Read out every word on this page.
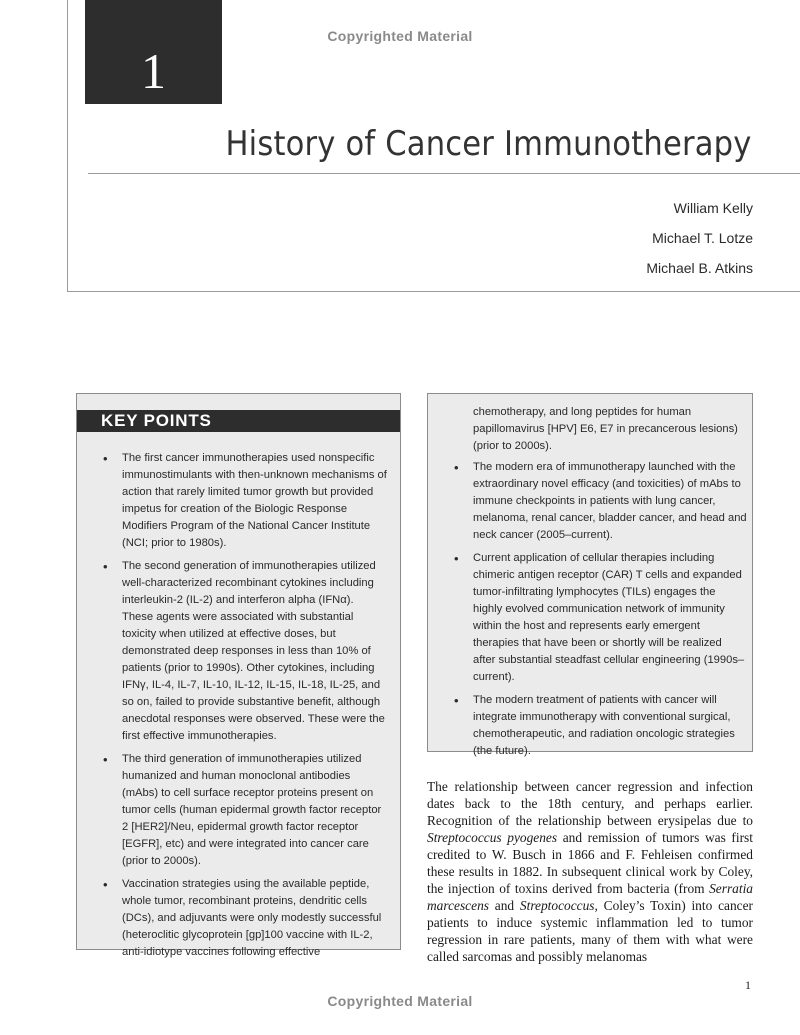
1
Copyrighted Material
History of Cancer Immunotherapy
William Kelly
Michael T. Lotze
Michael B. Atkins
KEY POINTS
• The first cancer immunotherapies used nonspecific immunostimulants with then-unknown mechanisms of action that rarely limited tumor growth but provided impetus for creation of the Biologic Response Modifiers Program of the National Cancer Institute (NCI; prior to 1980s).
• The second generation of immunotherapies utilized well-characterized recombinant cytokines including interleukin-2 (IL-2) and interferon alpha (IFNα). These agents were associated with substantial toxicity when utilized at effective doses, but demonstrated deep responses in less than 10% of patients (prior to 1990s). Other cytokines, including IFNγ, IL-4, IL-7, IL-10, IL-12, IL-15, IL-18, IL-25, and so on, failed to provide substantive benefit, although anecdotal responses were observed. These were the first effective immunotherapies.
• The third generation of immunotherapies utilized humanized and human monoclonal antibodies (mAbs) to cell surface receptor proteins present on tumor cells (human epidermal growth factor receptor 2 [HER2]/Neu, epidermal growth factor receptor [EGFR], etc) and were integrated into cancer care (prior to 2000s).
• Vaccination strategies using the available peptide, whole tumor, recombinant proteins, dendritic cells (DCs), and adjuvants were only modestly successful (heteroclitic glycoprotein [gp]100 vaccine with IL-2, anti-idiotype vaccines following effective

chemotherapy, and long peptides for human papillomavirus [HPV] E6, E7 in precancerous lesions) (prior to 2000s).

• The modern era of immunotherapy launched with the extraordinary novel efficacy (and toxicities) of mAbs to immune checkpoints in patients with lung cancer, melanoma, renal cancer, bladder cancer, and head and neck cancer (2005–current).
• Current application of cellular therapies including chimeric antigen receptor (CAR) T cells and expanded tumor-infiltrating lymphocytes (TILs) engages the highly evolved communication network of immunity within the host and represents early emergent therapies that have been or shortly will be realized after substantial steadfast cellular engineering (1990s–current).
• The modern treatment of patients with cancer will integrate immunotherapy with conventional surgical, chemotherapeutic, and radiation oncologic strategies (the future).

The relationship between cancer regression and infection dates back to the 18th century, and perhaps earlier. Recognition of the relationship between erysipelas due to Streptococcus pyogenes and remission of tumors was first credited to W. Busch in 1866 and F. Fehleisen confirmed these results in 1882. In subsequent clinical work by Coley, the injection of toxins derived from bacteria (from Serratia marcescens and Streptococcus, Coley’s Toxin) into cancer patients to induce systemic inflammation led to tumor regression in rare patients, many of them with what were called sarcomas and possibly melanomas

1
Copyrighted Material
